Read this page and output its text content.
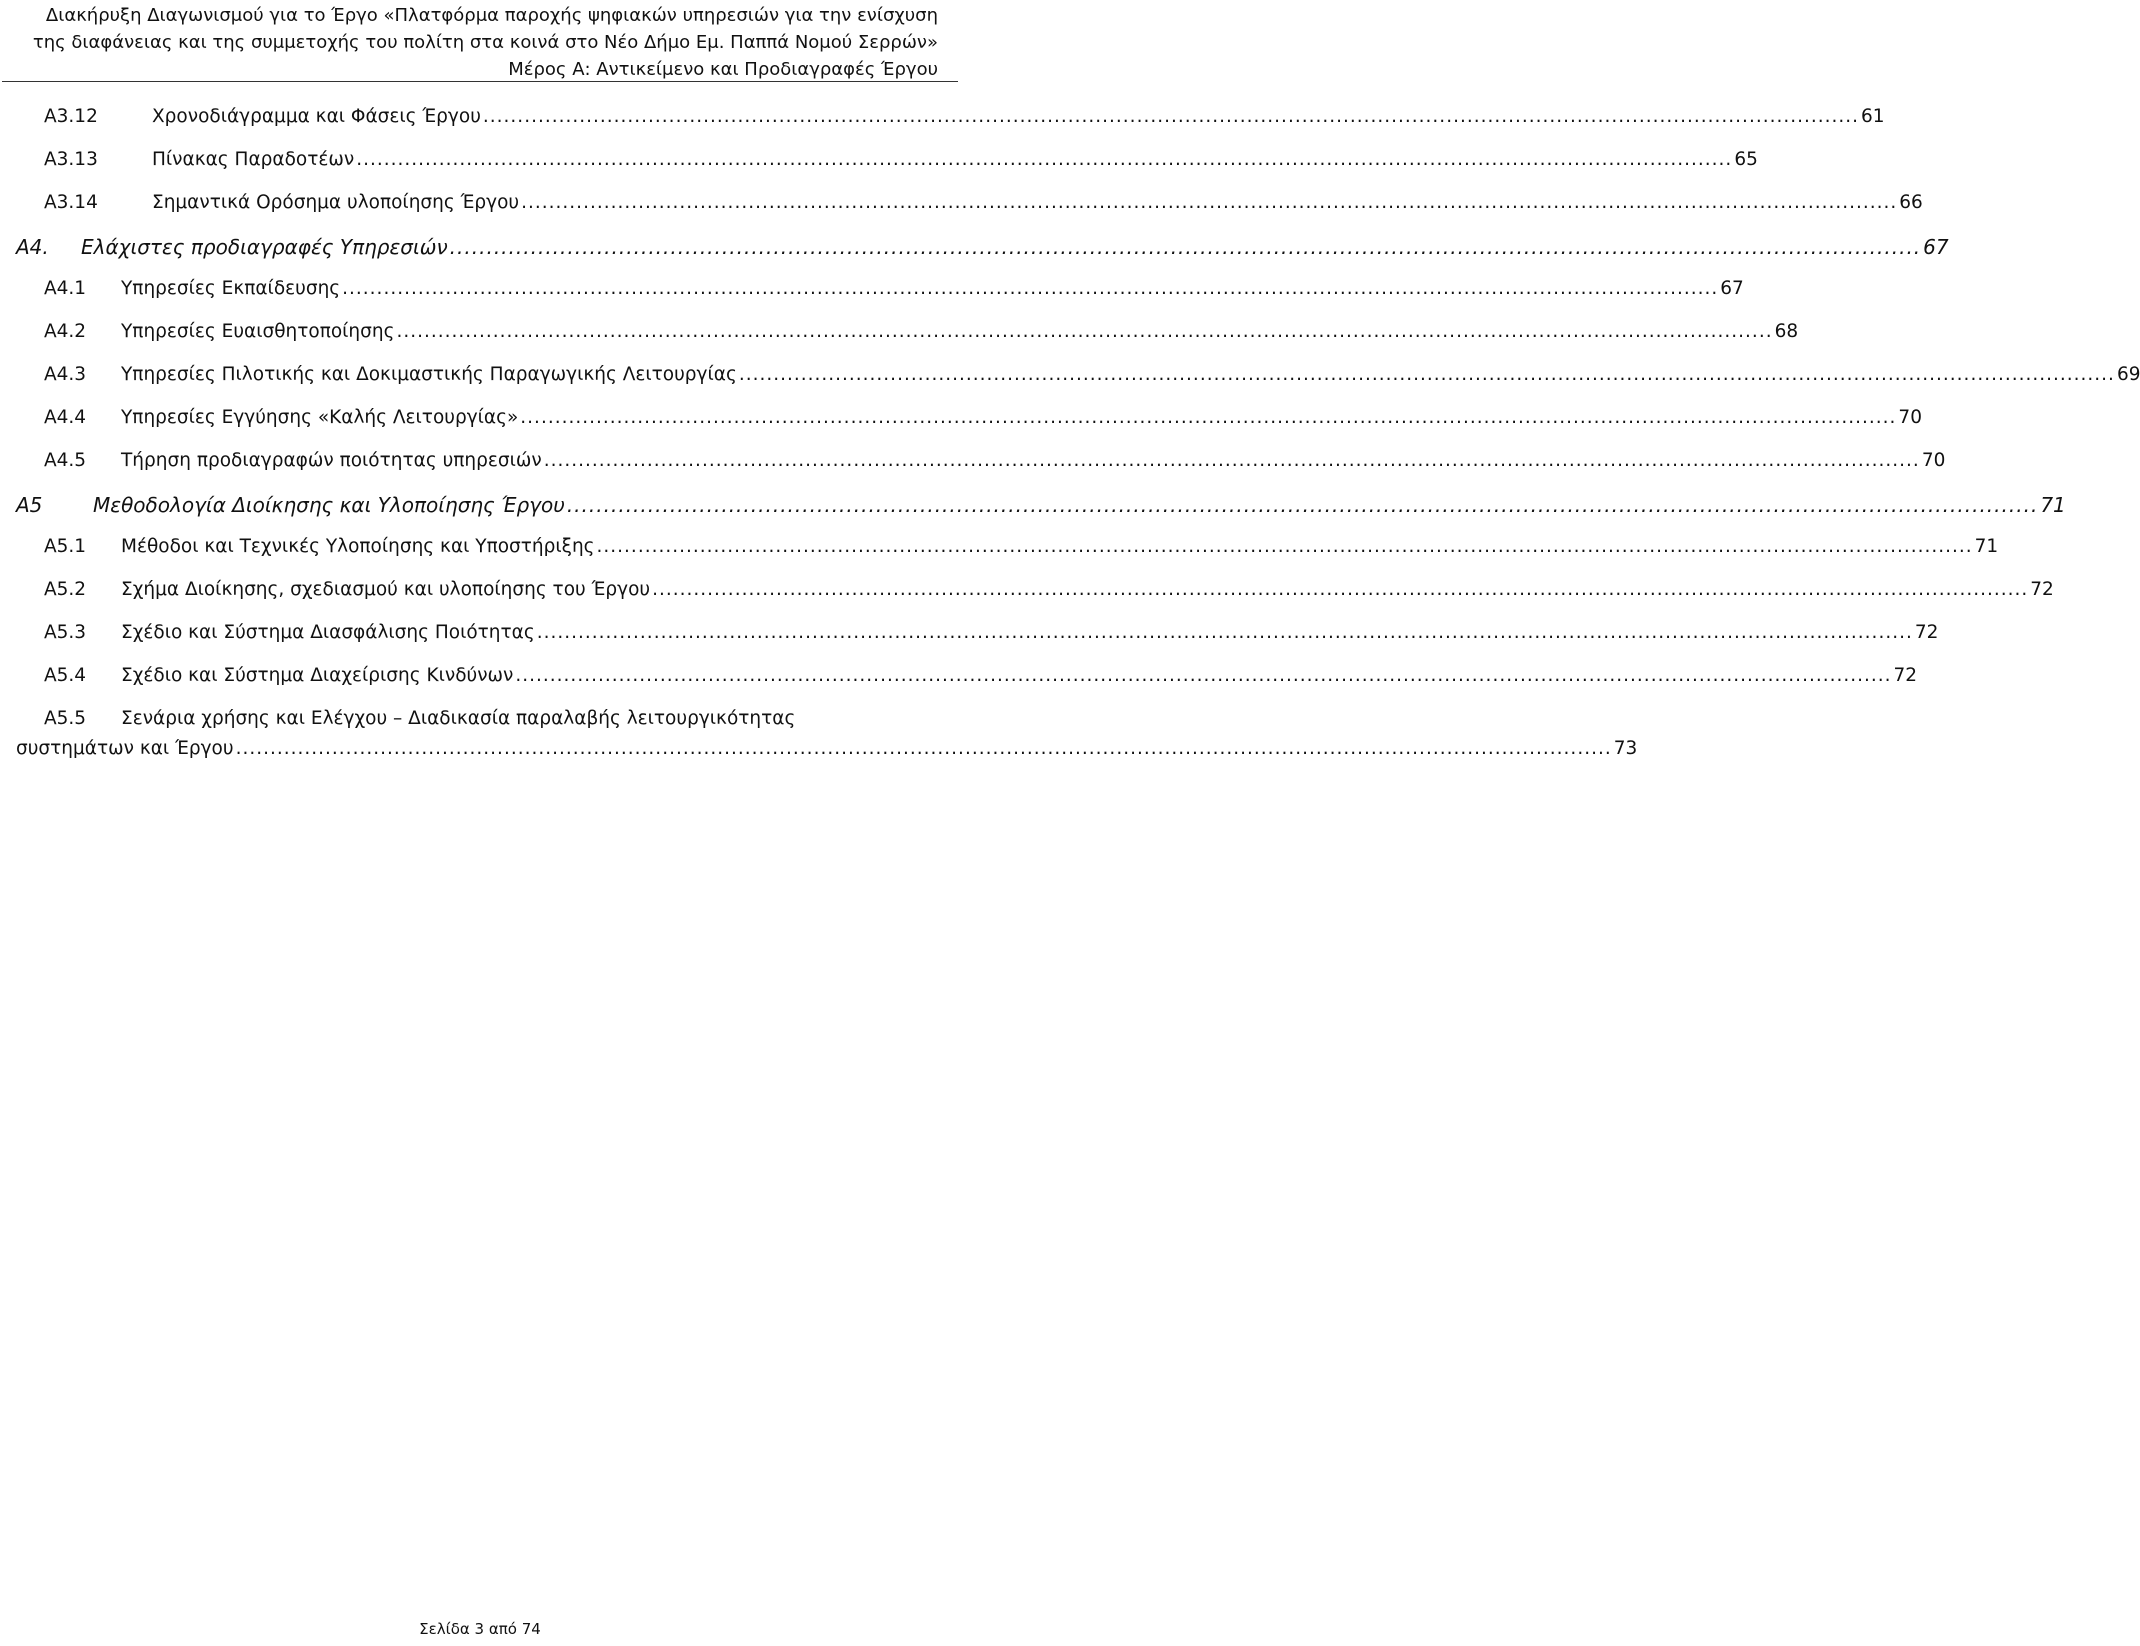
Διακήρυξη Διαγωνισμού για το Έργο «Πλατφόρμα παροχής ψηφιακών υπηρεσιών για την ενίσχυση
της διαφάνειας και της συμμετοχής του πολίτη στα κοινά στο Νέο Δήμο Εμ. Παππά Νομού Σερρών»
Μέρος Α: Αντικείμενο και Προδιαγραφές Έργου
Α3.12	Χρονοδιάγραμμα και Φάσεις Έργου ........................................................................................................................................................................................................ 61
Α3.13	Πίνακας Παραδοτέων ........................................................................................................................................................................................................ 65
Α3.14	Σημαντικά Ορόσημα υλοποίησης Έργου ........................................................................................................................................................................................................ 66
Α4.	Ελάχιστες προδιαγραφές Υπηρεσιών ........................................................................................................................................................................................................ 67
Α4.1	Υπηρεσίες Εκπαίδευσης ........................................................................................................................................................................................................ 67
Α4.2	Υπηρεσίες Ευαισθητοποίησης ........................................................................................................................................................................................................ 68
Α4.3	Υπηρεσίες Πιλοτικής και Δοκιμαστικής Παραγωγικής Λειτουργίας ........................................................................................................................................................................................................ 69
Α4.4	Υπηρεσίες Εγγύησης «Καλής Λειτουργίας» ........................................................................................................................................................................................................ 70
Α4.5	Τήρηση προδιαγραφών ποιότητας υπηρεσιών ........................................................................................................................................................................................................ 70
Α5	Μεθοδολογία Διοίκησης και Υλοποίησης Έργου ........................................................................................................................................................................................................ 71
Α5.1	Μέθοδοι και Τεχνικές Υλοποίησης και Υποστήριξης ........................................................................................................................................................................................................ 71
Α5.2	Σχήμα Διοίκησης, σχεδιασμού και υλοποίησης του Έργου ........................................................................................................................................................................................................ 72
Α5.3	Σχέδιο και Σύστημα Διασφάλισης Ποιότητας ........................................................................................................................................................................................................ 72
Α5.4	Σχέδιο και Σύστημα Διαχείρισης Κινδύνων ........................................................................................................................................................................................................ 72
Α5.5	Σενάρια χρήσης και Ελέγχου – Διαδικασία παραλαβής λειτουργικότητας
συστημάτων και Έργου ........................................................................................................................................................................................................ 73
Σελίδα 3 από 74
